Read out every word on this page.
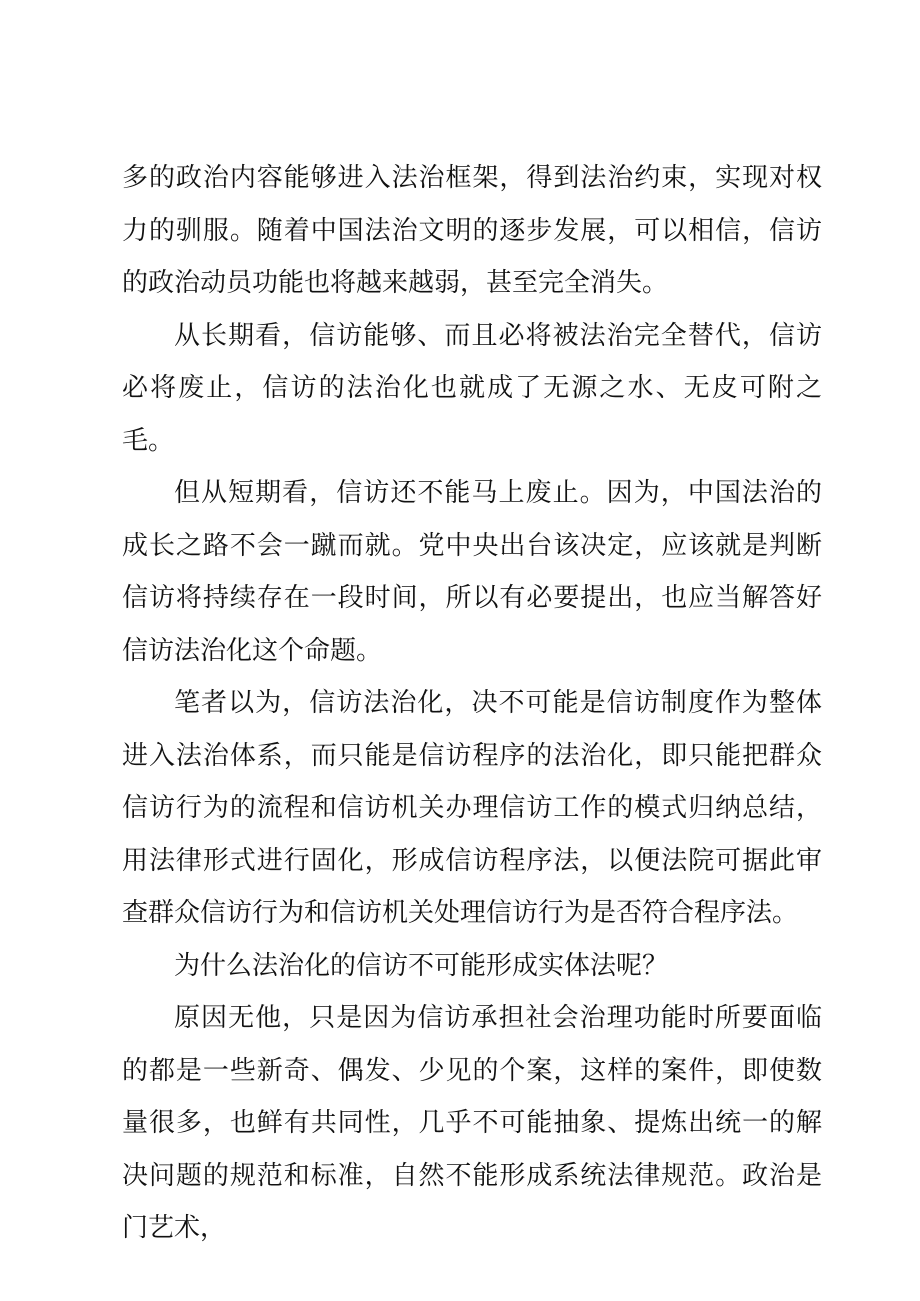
多的政治内容能够进入法治框架，得到法治约束，实现对权力的驯服。随着中国法治文明的逐步发展，可以相信，信访的政治动员功能也将越来越弱，甚至完全消失。

从长期看，信访能够、而且必将被法治完全替代，信访必将废止，信访的法治化也就成了无源之水、无皮可附之毛。

但从短期看，信访还不能马上废止。因为，中国法治的成长之路不会一蹴而就。党中央出台该决定，应该就是判断信访将持续存在一段时间，所以有必要提出，也应当解答好信访法治化这个命题。

笔者以为，信访法治化，决不可能是信访制度作为整体进入法治体系，而只能是信访程序的法治化，即只能把群众信访行为的流程和信访机关办理信访工作的模式归纳总结，用法律形式进行固化，形成信访程序法，以便法院可据此审查群众信访行为和信访机关处理信访行为是否符合程序法。

为什么法治化的信访不可能形成实体法呢？

原因无他，只是因为信访承担社会治理功能时所要面临的都是一些新奇、偶发、少见的个案，这样的案件，即使数量很多，也鲜有共同性，几乎不可能抽象、提炼出统一的解决问题的规范和标准，自然不能形成系统法律规范。政治是门艺术，
